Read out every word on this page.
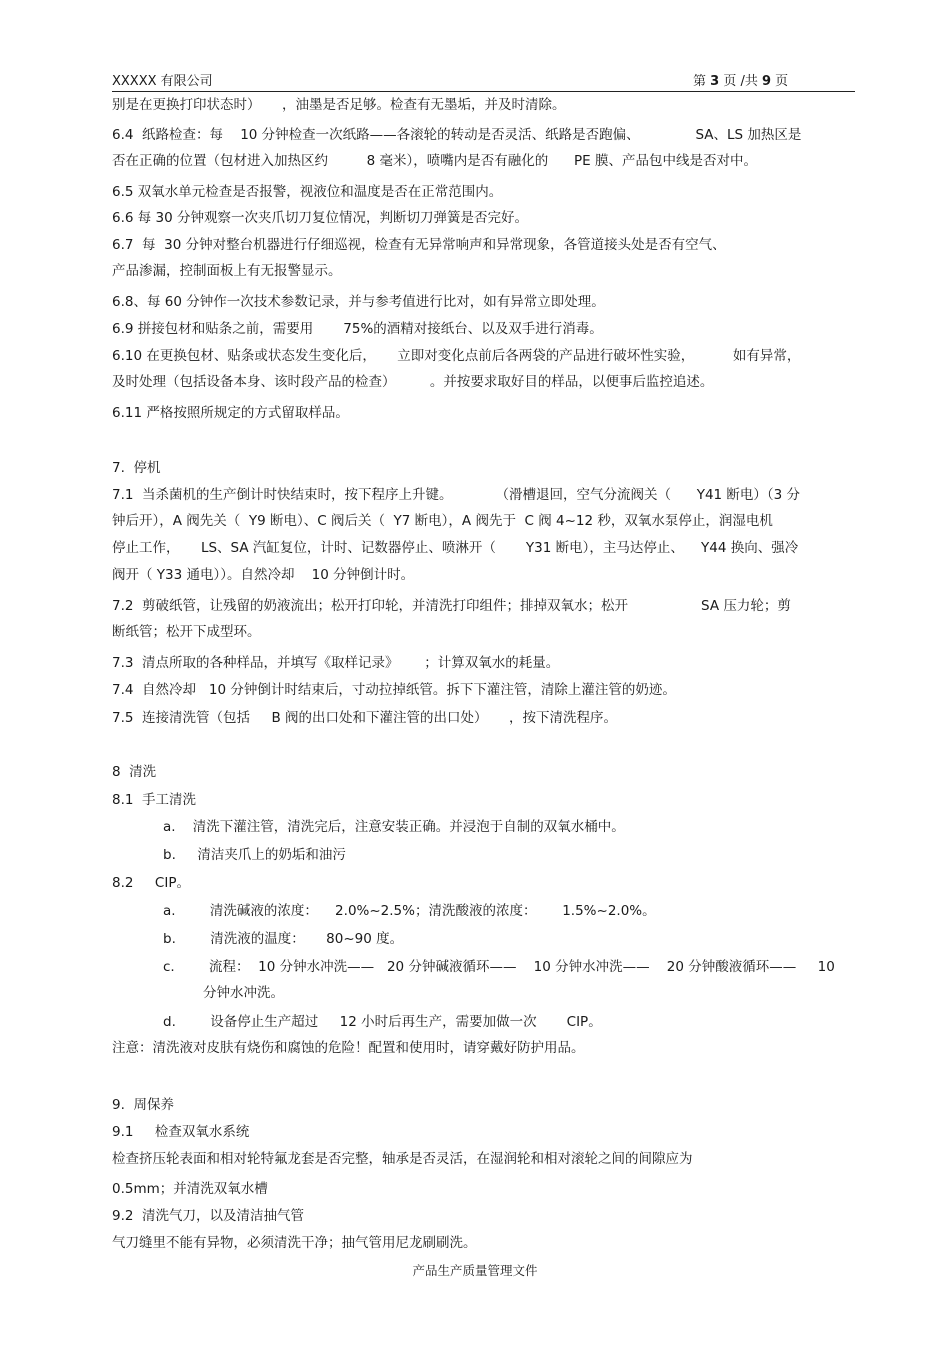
XXXXX 有限公司	第 3 页 /共 9 页
别是在更换打印状态时）     ，油墨是否足够。检查有无墨垢，并及时清除。
6.4  纸路检查：每    10 分钟检查一次纸路——各滚轮的转动是否灵活、纸路是否跑偏、             SA、LS 加热区是
否在正确的位置（包材进入加热区约         8 毫米），喷嘴内是否有融化的      PE 膜、产品包中线是否对中。
6.5 双氧水单元检查是否报警，视液位和温度是否在正常范围内。
6.6 每 30 分钟观察一次夹爪切刀复位情况，判断切刀弹簧是否完好。
6.7  每  30 分钟对整台机器进行仔细巡视，检查有无异常响声和异常现象，各管道接头处是否有空气、
产品渗漏，控制面板上有无报警显示。
6.8、每 60 分钟作一次技术参数记录，并与参考值进行比对，如有异常立即处理。
6.9 拼接包材和贴条之前，需要用       75%的酒精对接纸台、以及双手进行消毒。
6.10 在更换包材、贴条或状态发生变化后，     立即对变化点前后各两袋的产品进行破坏性实验，         如有异常，
及时处理（包括设备本身、该时段产品的检查）        。并按要求取好目的样品，以便事后监控追述。
6.11 严格按照所规定的方式留取样品。
7.  停机
7.1  当杀菌机的生产倒计时快结束时，按下程序上升键。          （滑槽退回，空气分流阀关（      Y41 断电）（3 分
钟后开），A 阀先关（  Y9 断电）、C 阀后关（  Y7 断电），A 阀先于  C 阀 4~12 秒，双氧水泵停止，润湿电机
停止工作，     LS、SA 汽缸复位，计时、记数器停止、喷淋开（       Y31 断电），主马达停止、    Y44 换向、强冷
阀开（ Y33 通电））。自然冷却    10 分钟倒计时。
7.2  剪破纸管，让残留的奶液流出；松开打印轮，并清洗打印组件；排掉双氧水；松开                 SA 压力轮；剪
断纸管；松开下成型环。
7.3  清点所取的各种样品，并填写《取样记录》      ；计算双氧水的耗量。
7.4  自然冷却   10 分钟倒计时结束后，寸动拉掉纸管。拆下下灌注管，清除上灌注管的奶迹。
7.5  连接清洗管（包括     B 阀的出口处和下灌注管的出口处）     ，按下清洗程序。
8  清洗
8.1  手工清洗
a.    清洗下灌注管，清洗完后，注意安装正确。并浸泡于自制的双氧水桶中。
b.     清洁夹爪上的奶垢和油污
8.2     CIP。
a.        清洗碱液的浓度：    2.0%~2.5%；清洗酸液的浓度：      1.5%~2.0%。
b.        清洗液的温度：     80~90 度。
c.        流程：  10 分钟水冲洗——   20 分钟碱液循环——    10 分钟水冲洗——    20 分钟酸液循环——     10
分钟水冲洗。
d.        设备停止生产超过     12 小时后再生产，需要加做一次       CIP。
注意：清洗液对皮肤有烧伤和腐蚀的危险！配置和使用时，请穿戴好防护用品。
9.  周保养
9.1     检查双氧水系统
检查挤压轮表面和相对轮特氟龙套是否完整，轴承是否灵活，在湿润轮和相对滚轮之间的间隙应为
0.5mm；并清洗双氧水槽
9.2  清洗气刀，以及清洁抽气管
气刀缝里不能有异物，必须清洗干净；抽气管用尼龙刷刷洗。
产品生产质量管理文件
